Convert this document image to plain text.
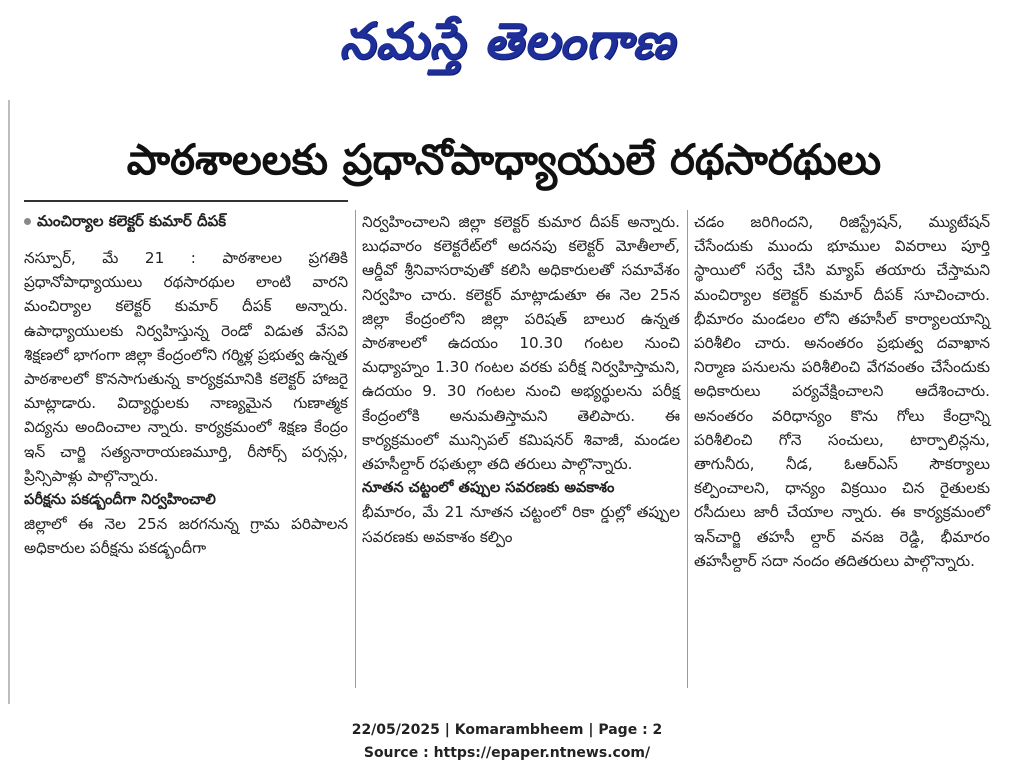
నమస్తే తెలంగాణ
పాఠశాలలకు ప్రధానోపాధ్యాయులే రథసారథులు

మంచిర్యాల కలెక్టర్ కుమార్ దీపక్

నస్పూర్, మే 21 : పాఠశాలల ప్రగతికి ప్రధానోపాధ్యాయులు రథసారథుల లాంటి వారని మంచిర్యాల కలెక్టర్ కుమార్ దీపక్ అన్నారు. ఉపాధ్యాయులకు నిర్వహిస్తున్న రెండో విడుత వేసవి శిక్షణలో భాగంగా జిల్లా కేంద్రంలోని గర్మిళ్ల ప్రభుత్వ ఉన్నత పాఠశాలలో కొనసాగుతున్న కార్యక్రమానికి కలెక్టర్ హాజరై మాట్లాడారు. విద్యార్థులకు నాణ్యమైన గుణాత్మక విద్యను అందించాల న్నారు. కార్యక్రమంలో శిక్షణ కేంద్రం ఇన్ చార్జి సత్యనారాయణమూర్తి, రీసోర్స్ పర్సన్లు, ప్రిన్సిపాళ్లు పాల్గొన్నారు.

పరీక్షను పకడ్బందీగా నిర్వహించాలి

జిల్లాలో ఈ నెల 25న జరగనున్న గ్రామ పరిపాలన అధికారుల పరీక్షను పకడ్బందీగా

నిర్వహించాలని జిల్లా కలెక్టర్ కుమార దీపక్ అన్నారు. బుధవారం కలెక్టరేట్‌లో అదనపు కలెక్టర్ మోతీలాల్, ఆర్డీవో శ్రీనివాసరావుతో కలిసి అధికారులతో సమావేశం నిర్వహిం చారు. కలెక్టర్ మాట్లాడుతూ ఈ నెల 25న జిల్లా కేంద్రంలోని జిల్లా పరిషత్ బాలుర ఉన్నత పాఠశాలలో ఉదయం 10.30 గంటల నుంచి మధ్యాహ్నం 1.30 గంటల వరకు పరీక్ష నిర్వహిస్తామని, ఉదయం 9. 30 గంటల నుంచి అభ్యర్థులను పరీక్ష కేంద్రంలోకి అనుమతిస్తామని తెలిపారు. ఈ కార్యక్రమంలో మున్సిపల్ కమిషనర్ శివాజీ, మండల తహసీల్దార్ రఫతుల్లా తది తరులు పాల్గొన్నారు.

నూతన చట్టంలో తప్పుల సవరణకు అవకాశం

భీమారం, మే 21 నూతన చట్టంలో రికా ర్డుల్లో తప్పుల సవరణకు అవకాశం కల్పిం

చడం జరిగిందని, రిజిస్ట్రేషన్, మ్యుటేషన్ చేసేందుకు ముందు భూముల వివరాలు పూర్తి స్థాయిలో సర్వే చేసి మ్యాప్ తయారు చేస్తామని మంచిర్యాల కలెక్టర్ కుమార్ దీపక్ సూచించారు. భీమారం మండలం లోని తహసీల్ కార్యాలయాన్ని పరిశీలిం చారు. అనంతరం ప్రభుత్వ దవాఖాన నిర్మాణ పనులను పరిశీలించి వేగవంతం చేసేందుకు అధికారులు పర్యవేక్షించాలని ఆదేశించారు. అనంతరం వరిధాన్యం కొను గోలు కేంద్రాన్ని పరిశీలించి గోనె సంచులు, టార్పాలిన్లను, తాగునీరు, నీడ, ఓఆర్ఎస్ సౌకర్యాలు కల్పించాలని, ధాన్యం విక్రయిం చిన రైతులకు రసీదులు జారీ చేయాల న్నారు. ఈ కార్యక్రమంలో ఇన్‌చార్జి తహసీ ల్దార్ వనజ రెడ్డి, భీమారం తహసీల్దార్ సదా నందం తదితరులు పాల్గొన్నారు.

22/05/2025 | Komarambheem | Page : 2
Source : https://epaper.ntnews.com/
